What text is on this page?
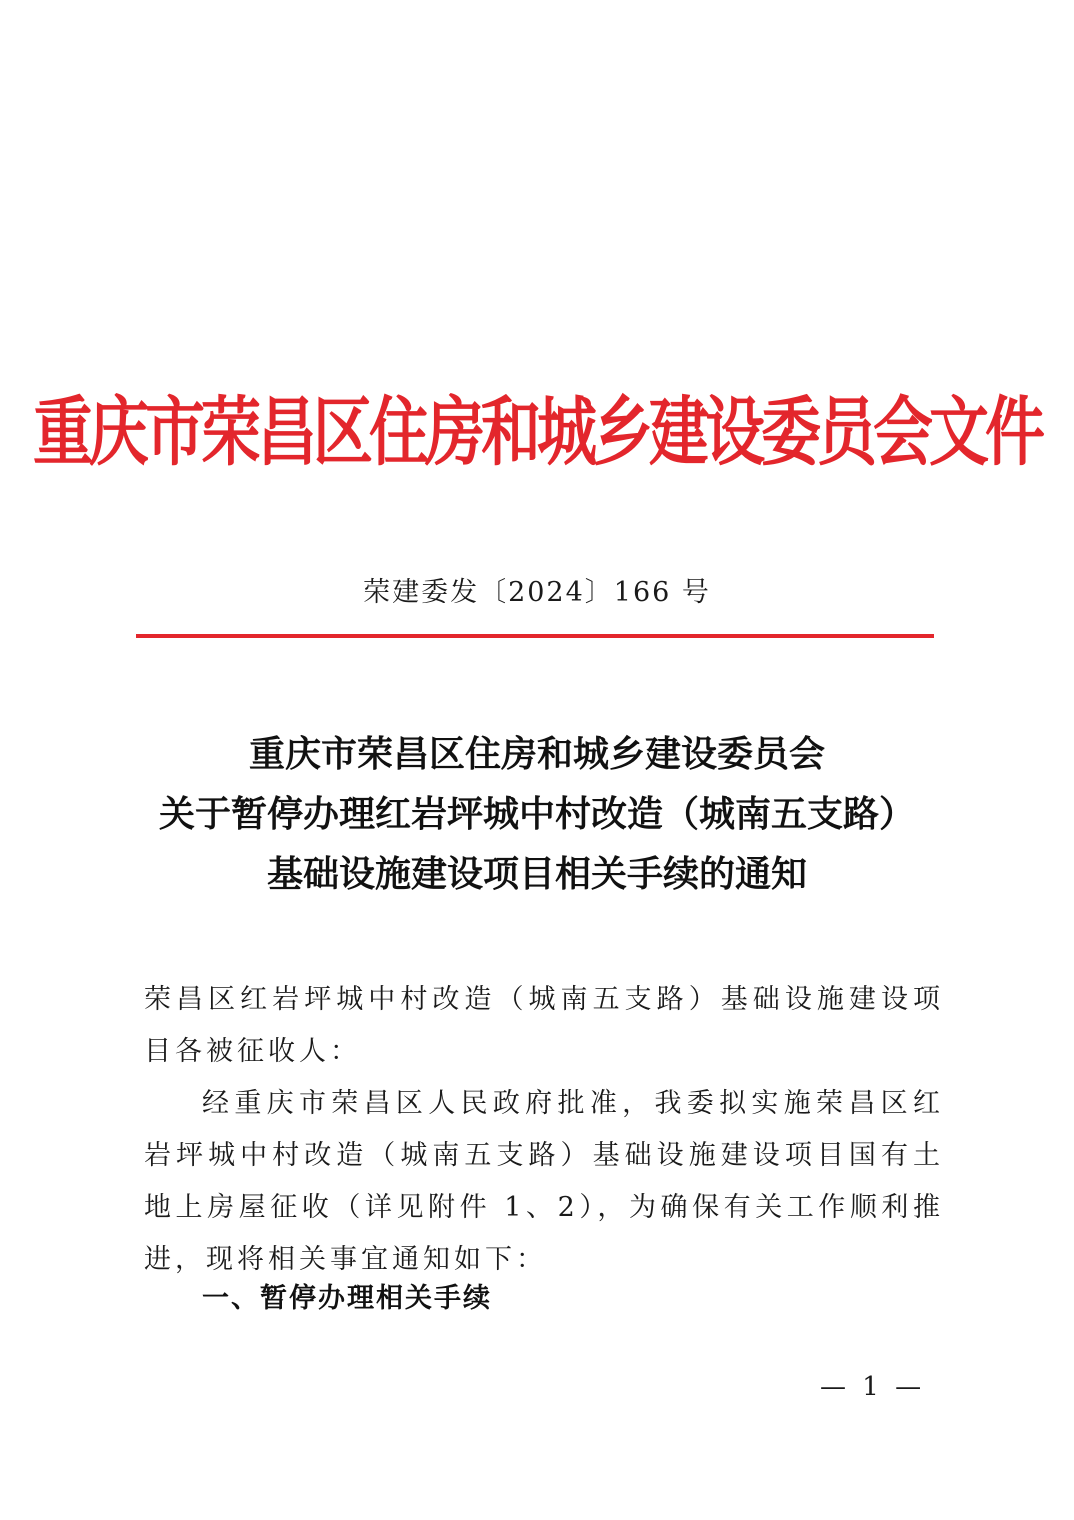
重庆市荣昌区住房和城乡建设委员会文件
荣建委发〔2024〕166 号
重庆市荣昌区住房和城乡建设委员会
关于暂停办理红岩坪城中村改造（城南五支路）
基础设施建设项目相关手续的通知

荣昌区红岩坪城中村改造（城南五支路）基础设施建设项目各被征收人：

经重庆市荣昌区人民政府批准，我委拟实施荣昌区红岩坪城中村改造（城南五支路）基础设施建设项目国有土地上房屋征收（详见附件 1、2），为确保有关工作顺利推进，现将相关事宜通知如下：

一、暂停办理相关手续
— 1 —
